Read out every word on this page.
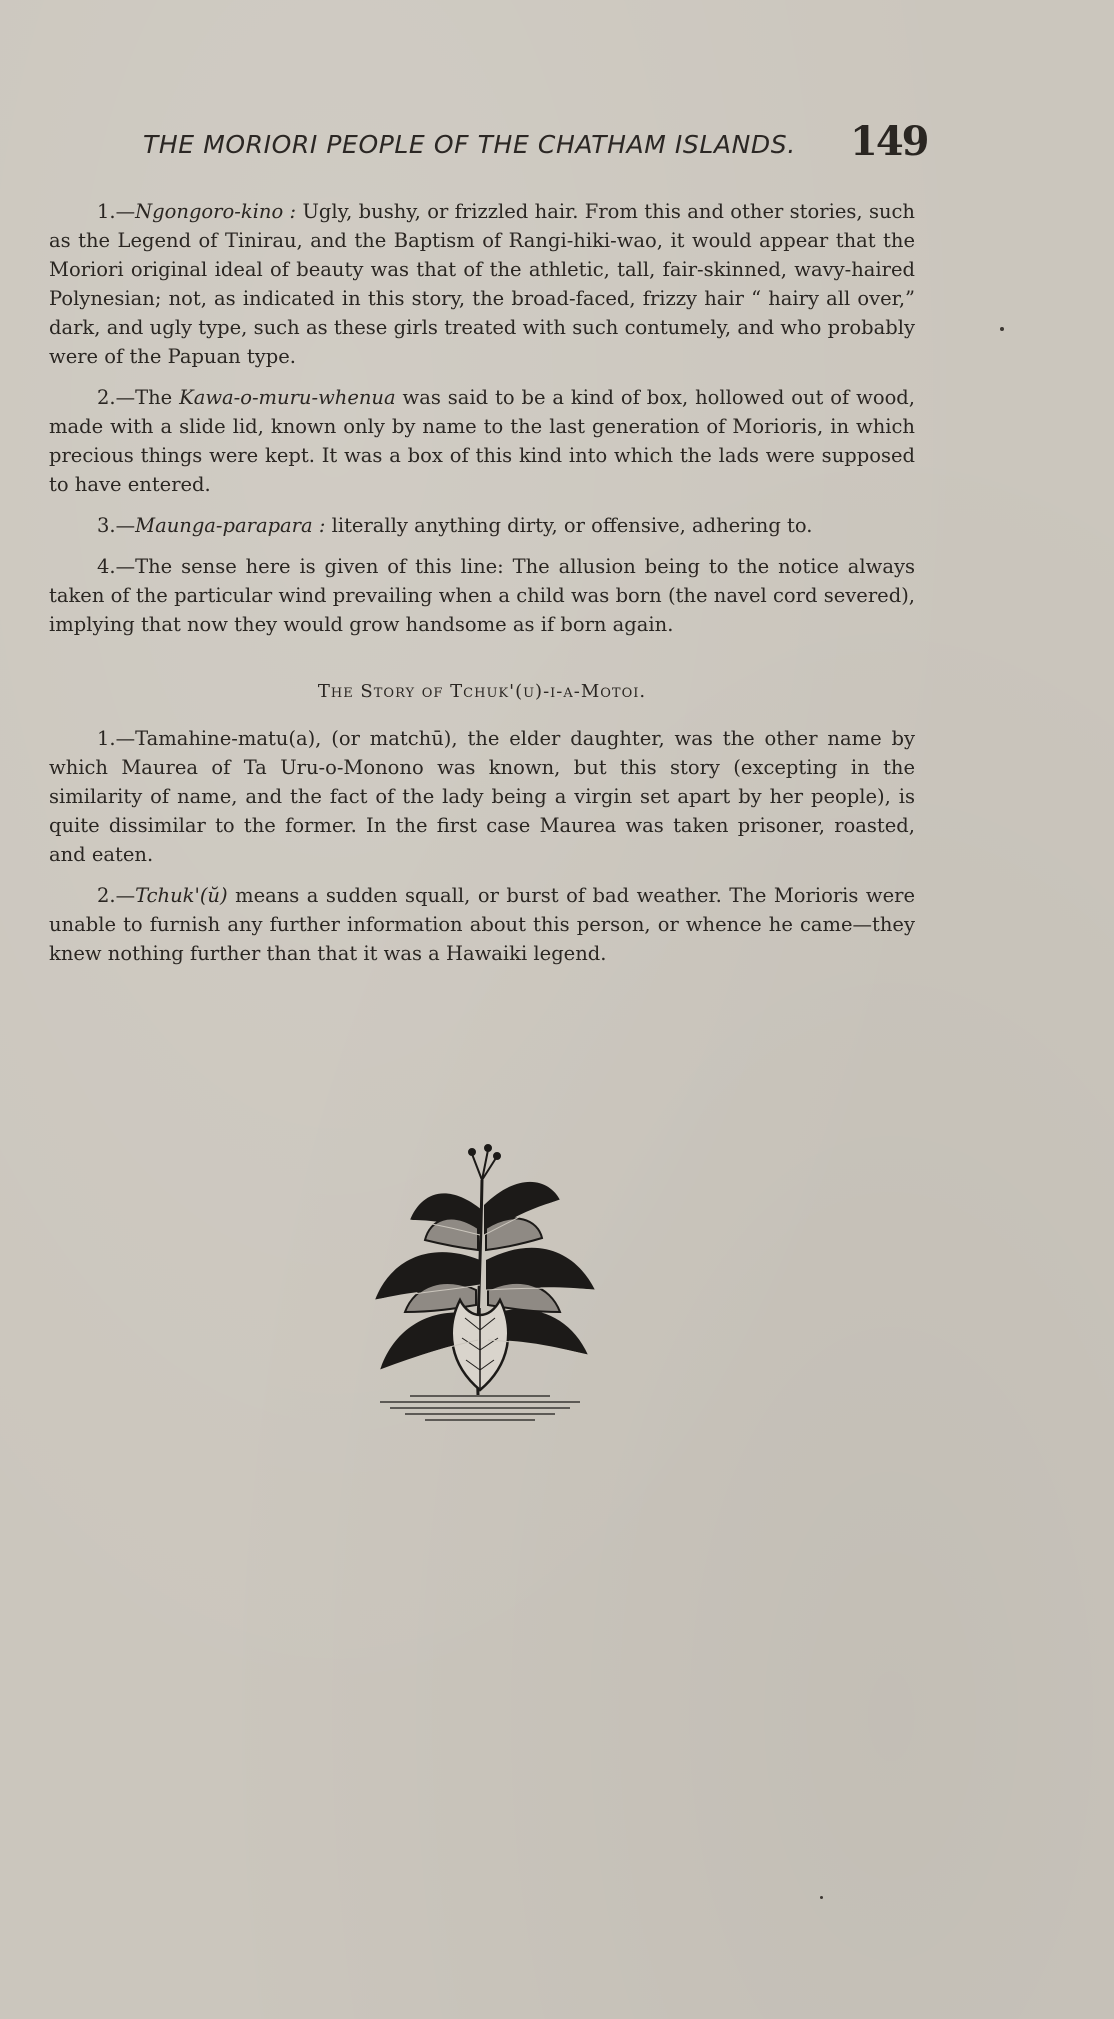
THE MORIORI PEOPLE OF THE CHATHAM ISLANDS. 149

1.—Ngongoro-kino : Ugly, bushy, or frizzled hair. From this and other stories, such as the Legend of Tinirau, and the Baptism of Rangi-hiki-wao, it would appear that the Moriori original ideal of beauty was that of the athletic, tall, fair-skinned, wavy-haired Polynesian; not, as indicated in this story, the broad-faced, frizzy hair “ hairy all over,” dark, and ugly type, such as these girls treated with such contumely, and who probably were of the Papuan type.

2.—The Kawa-o-muru-whenua was said to be a kind of box, hollowed out of wood, made with a slide lid, known only by name to the last generation of Morioris, in which precious things were kept. It was a box of this kind into which the lads were supposed to have entered.

3.—Maunga-parapara : literally anything dirty, or offensive, adhering to.

4.—The sense here is given of this line: The allusion being to the notice always taken of the particular wind prevailing when a child was born (the navel cord severed), implying that now they would grow handsome as if born again.

The Story of Tchuk'(u)-i-a-Motoi.

1.—Tamahine-matu(a), (or matchū), the elder daughter, was the other name by which Maurea of Ta Uru-o-Monono was known, but this story (excepting in the similarity of name, and the fact of the lady being a virgin set apart by her people), is quite dissimilar to the former. In the first case Maurea was taken prisoner, roasted, and eaten.

2.—Tchuk'(ŭ) means a sudden squall, or burst of bad weather. The Morioris were unable to furnish any further information about this person, or whence he came—they knew nothing further than that it was a Hawaiki legend.
